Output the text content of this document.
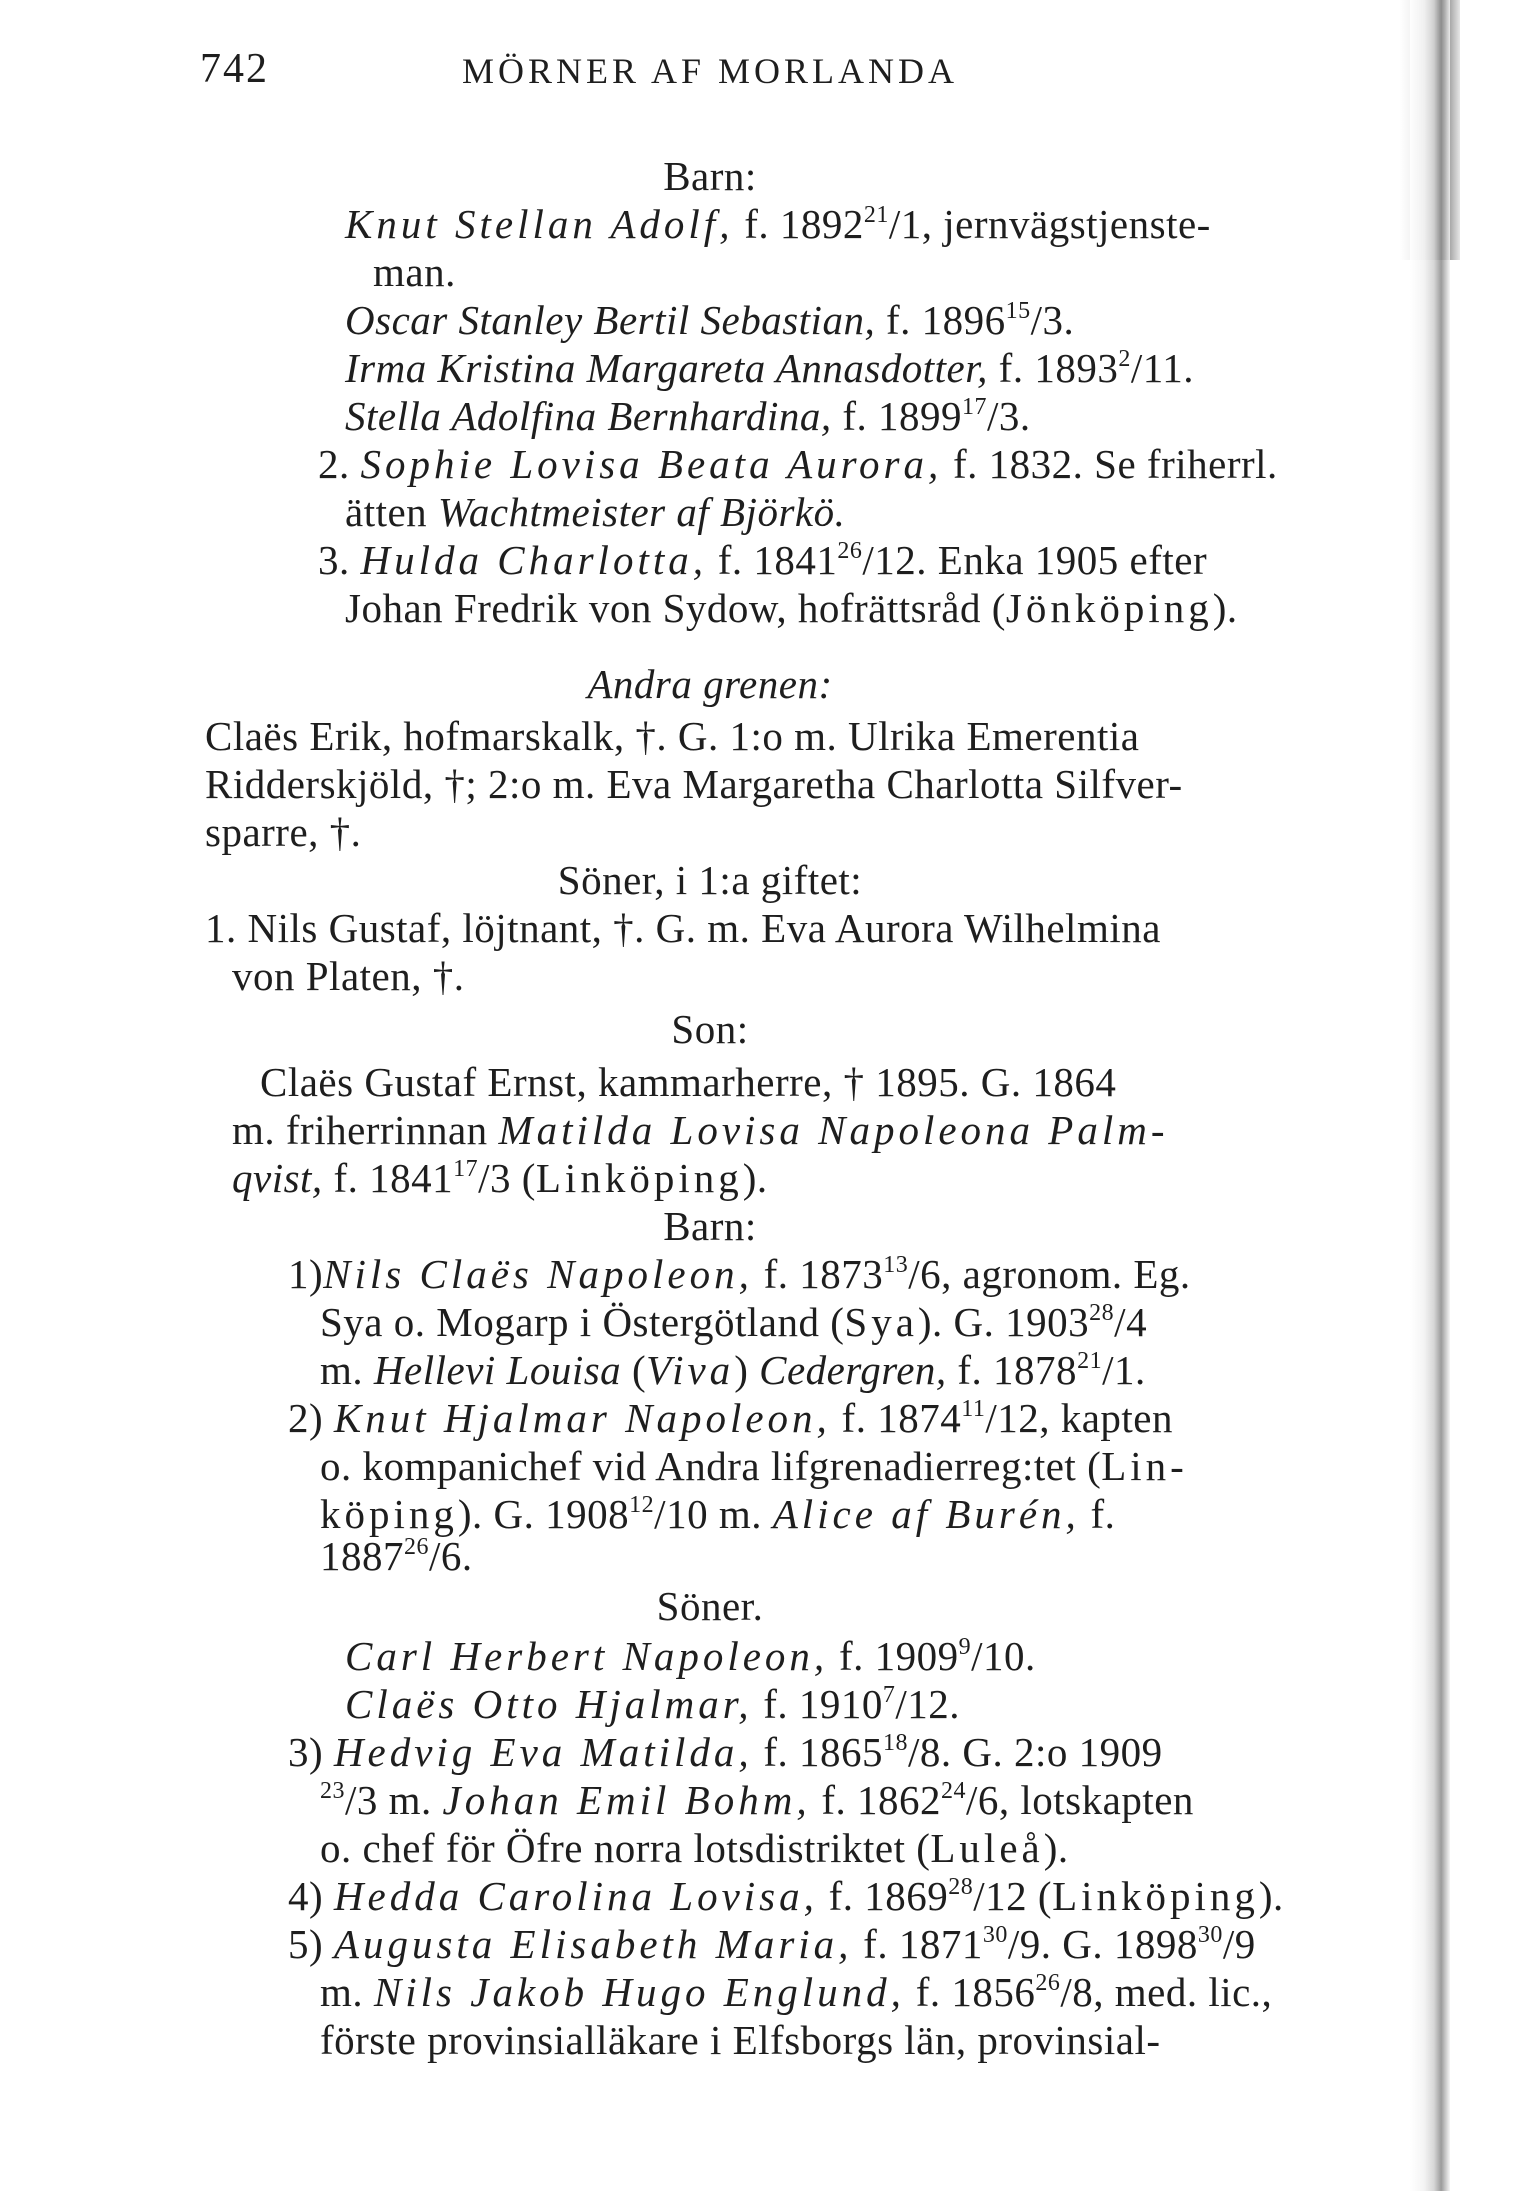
742	MÖRNER AF MORLANDA
Barn:
Knut Stellan Adolf, f. 1892$^{21}$/1, jernvägstjenste-
man.
Oscar Stanley Bertil Sebastian, f. 1896$^{15}$/3.
Irma Kristina Margareta Annasdotter, f. 1893$^2$/11.
Stella Adolfina Bernhardina, f. 1899$^{17}$/3.
2. Sophie Lovisa Beata Aurora, f. 1832. Se friherrl.
ätten Wachtmeister af Björkö.
3. Hulda Charlotta, f. 1841$^{26}$/12. Enka 1905 efter
Johan Fredrik von Sydow, hofrättsråd (Jönköping).
Andra grenen:
Claës Erik, hofmarskalk, †. G. 1:o m. Ulrika Emerentia
Ridderskjöld, †; 2:o m. Eva Margaretha Charlotta Silfver-
sparre, †.
Söner, i 1:a giftet:
1. Nils Gustaf, löjtnant, †. G. m. Eva Aurora Wilhelmina
von Platen, †.
Son:
Claës Gustaf Ernst, kammarherre, † 1895. G. 1864
m. friherrinnan Matilda Lovisa Napoleona Palm-
qvist, f. 1841$^{17}$/3 (Linköping).
Barn:
1)Nils Claës Napoleon, f. 1873$^{13}$/6, agronom. Eg.
Sya o. Mogarp i Östergötland (Sya). G. 1903$^{28}$/4
m. Hellevi Louisa (Viva) Cedergren, f. 1878$^{21}$/1.
2) Knut Hjalmar Napoleon, f. 1874$^{11}$/12, kapten
o. kompanichef vid Andra lifgrenadierreg:tet (Lin-
köping). G. 1908$^{12}$/10 m. Alice af Burén, f.
1887$^{26}$/6.
Söner.
Carl Herbert Napoleon, f. 1909$^9$/10.
Claës Otto Hjalmar, f. 1910$^7$/12.
3) Hedvig Eva Matilda, f. 1865$^{18}$/8. G. 2:o 1909
$^{23}$/3 m. Johan Emil Bohm, f. 1862$^{24}$/6, lotskapten
o. chef för Öfre norra lotsdistriktet (Luleå).
4) Hedda Carolina Lovisa, f. 1869$^{28}$/12 (Linköping).
5) Augusta Elisabeth Maria, f. 1871$^{30}$/9. G. 1898$^{30}$/9
m. Nils Jakob Hugo Englund, f. 1856$^{26}$/8, med. lic.,
förste provinsialläkare i Elfsborgs län, provinsial-
